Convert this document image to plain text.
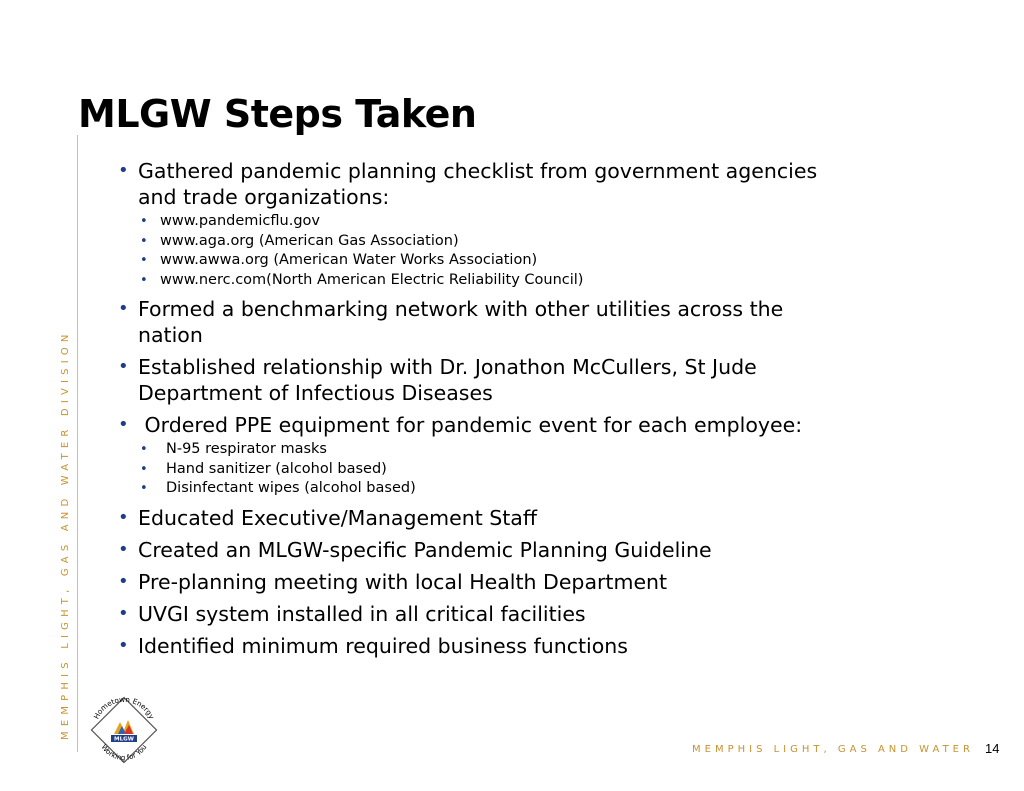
MLGW Steps Taken
MEMPHIS LIGHT, GAS AND WATER DIVISION
• Gathered pandemic planning checklist from government agencies and trade organizations:
• www.pandemicflu.gov
• www.aga.org (American Gas Association)
• www.awwa.org (American Water Works Association)
• www.nerc.com(North American Electric Reliability Council)
• Formed a benchmarking network with other utilities across the nation
• Established relationship with Dr. Jonathon McCullers, St Jude Department of Infectious Diseases
•  Ordered PPE equipment for pandemic event for each employee:
• N-95 respirator masks
• Hand sanitizer (alcohol based)
• Disinfectant wipes (alcohol based)
• Educated Executive/Management Staff
• Created an MLGW-specific Pandemic Planning Guideline
• Pre-planning meeting with local Health Department
• UVGI system installed in all critical facilities
• Identified minimum required business functions
Hometown Energy
Working for You
MLGW
MEMPHIS LIGHT, GAS AND WATER 14
